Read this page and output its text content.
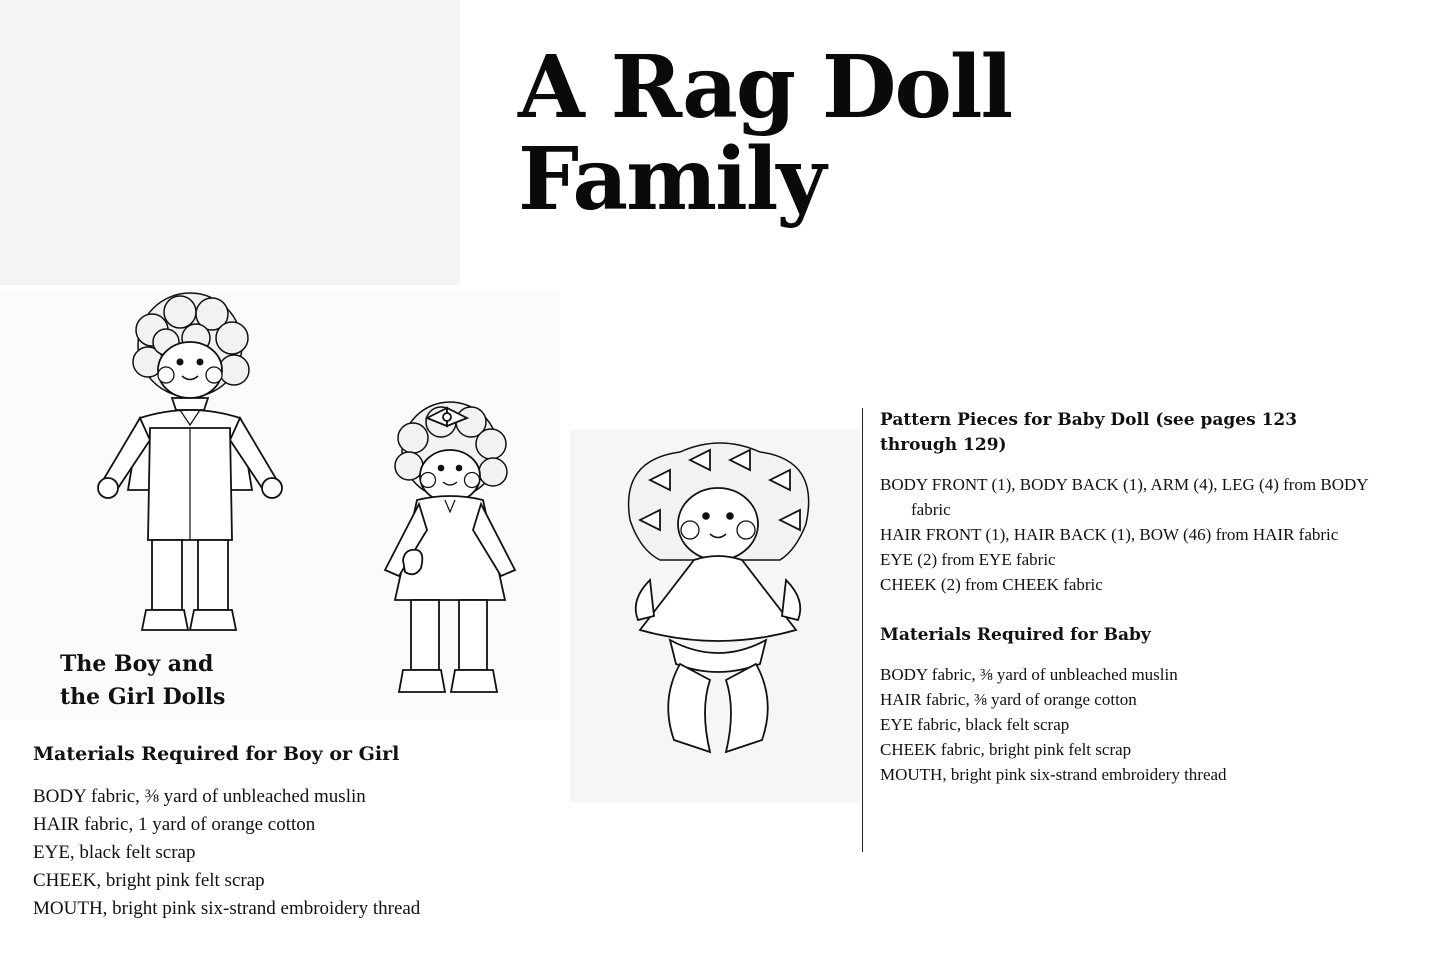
A Rag Doll
Family

The Boy and
the Girl Dolls

Materials Required for Boy or Girl
BODY fabric, ⅜ yard of unbleached muslin
HAIR fabric, 1 yard of orange cotton
EYE, black felt scrap
CHEEK, bright pink felt scrap
MOUTH, bright pink six-strand embroidery thread
Pattern Pieces for Baby Doll (see pages 123 through 129)
BODY FRONT (1), BODY BACK (1), ARM (4), LEG (4) from BODY fabric
HAIR FRONT (1), HAIR BACK (1), BOW (46) from HAIR fabric
EYE (2) from EYE fabric
CHEEK (2) from CHEEK fabric
Materials Required for Baby
BODY fabric, ⅜ yard of unbleached muslin
HAIR fabric, ⅜ yard of orange cotton
EYE fabric, black felt scrap
CHEEK fabric, bright pink felt scrap
MOUTH, bright pink six-strand embroidery thread
